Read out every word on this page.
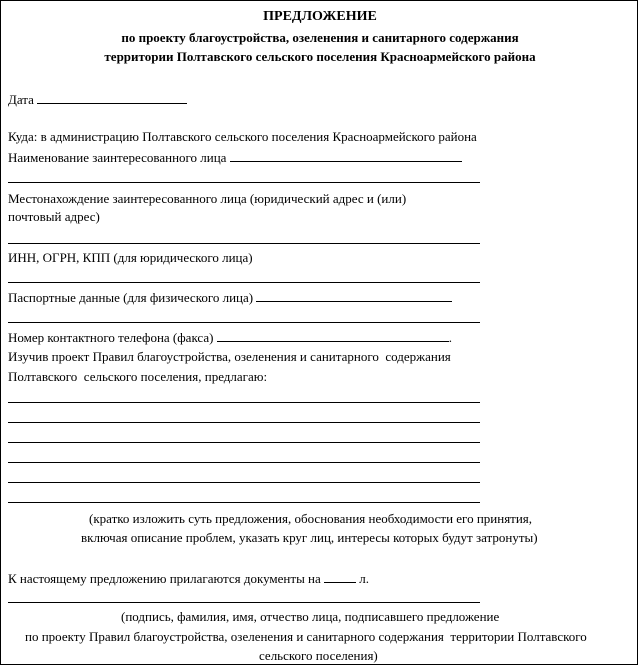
ПРЕДЛОЖЕНИЕ
по проекту благоустройства, озеленения и санитарного содержания
территории Полтавского сельского поселения Красноармейского района
Дата
Куда: в администрацию Полтавского сельского поселения Красноармейского района
Наименование заинтересованного лица
Местонахождение заинтересованного лица (юридический адрес и (или)
почтовый адрес)
ИНН, ОГРН, КПП (для юридического лица)
Паспортные данные (для физического лица)
Номер контактного телефона (факса)	.
Изучив проект Правил благоустройства, озеленения и санитарного  содержания
Полтавского  сельского поселения, предлагаю:
(кратко изложить суть предложения, обоснования необходимости его принятия,
включая описание проблем, указать круг лиц, интересы которых будут затронуты)
К настоящему предложению прилагаются документы на	л.
(подпись, фамилия, имя, отчество лица, подписавшего предложение
по проекту Правил благоустройства, озеленения и санитарного содержания  территории Полтавского
сельского поселения)
